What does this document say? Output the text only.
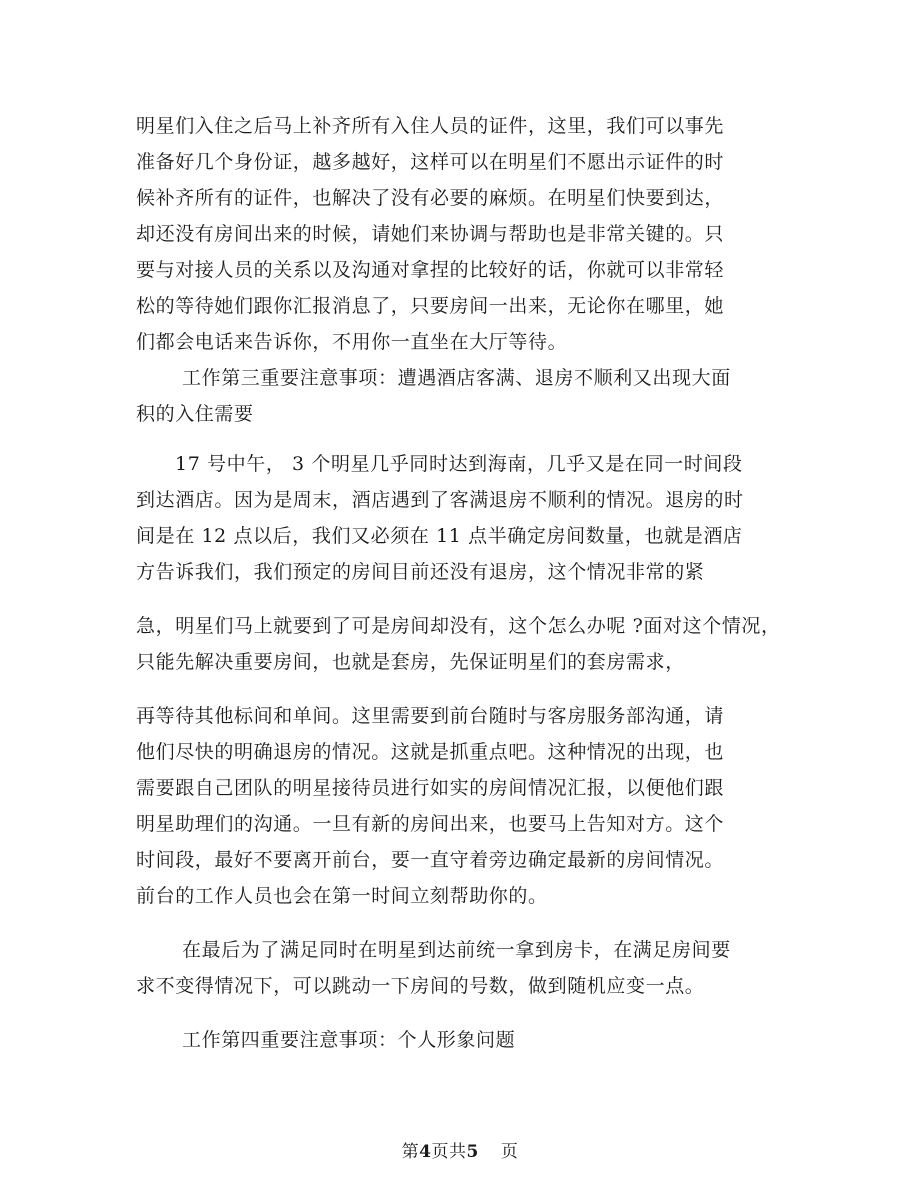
明星们入住之后马上补齐所有入住人员的证件，这里，我们可以事先
准备好几个身份证，越多越好，这样可以在明星们不愿出示证件的时
候补齐所有的证件，也解决了没有必要的麻烦。在明星们快要到达，
却还没有房间出来的时候，请她们来协调与帮助也是非常关键的。只
要与对接人员的关系以及沟通对拿捏的比较好的话，你就可以非常轻
松的等待她们跟你汇报消息了，只要房间一出来，无论你在哪里，她
们都会电话来告诉你，不用你一直坐在大厅等待。
工作第三重要注意事项：遭遇酒店客满、退房不顺利又出现大面
积的入住需要
17 号中午， 3 个明星几乎同时达到海南，几乎又是在同一时间段
到达酒店。因为是周末，酒店遇到了客满退房不顺利的情况。退房的时
间是在 12 点以后，我们又必须在 11 点半确定房间数量，也就是酒店
方告诉我们，我们预定的房间目前还没有退房，这个情况非常的紧
急，明星们马上就要到了可是房间却没有，这个怎么办呢 ?面对这个情况，
只能先解决重要房间，也就是套房，先保证明星们的套房需求，
再等待其他标间和单间。这里需要到前台随时与客房服务部沟通，请
他们尽快的明确退房的情况。这就是抓重点吧。这种情况的出现，也
需要跟自己团队的明星接待员进行如实的房间情况汇报，以便他们跟
明星助理们的沟通。一旦有新的房间出来，也要马上告知对方。这个
时间段，最好不要离开前台，要一直守着旁边确定最新的房间情况。
前台的工作人员也会在第一时间立刻帮助你的。
在最后为了满足同时在明星到达前统一拿到房卡，在满足房间要
求不变得情况下，可以跳动一下房间的号数，做到随机应变一点。
工作第四重要注意事项：个人形象问题
第4页共5 页
